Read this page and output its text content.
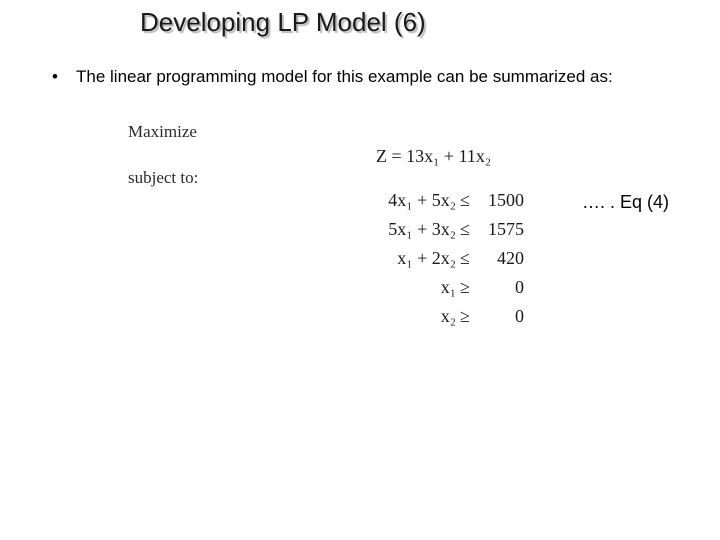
Developing LP Model (6)
• The linear programming model for this example can be summarized as:
Maximize
subject to:
Z = 13x₁ + 11x₂
4x₁ + 5x₂ ≤	1500
5x₁ + 3x₂ ≤	1575
x₁ + 2x₂ ≤	420
x₁ ≥	0
x₂ ≥	0
…. . Eq (4)
